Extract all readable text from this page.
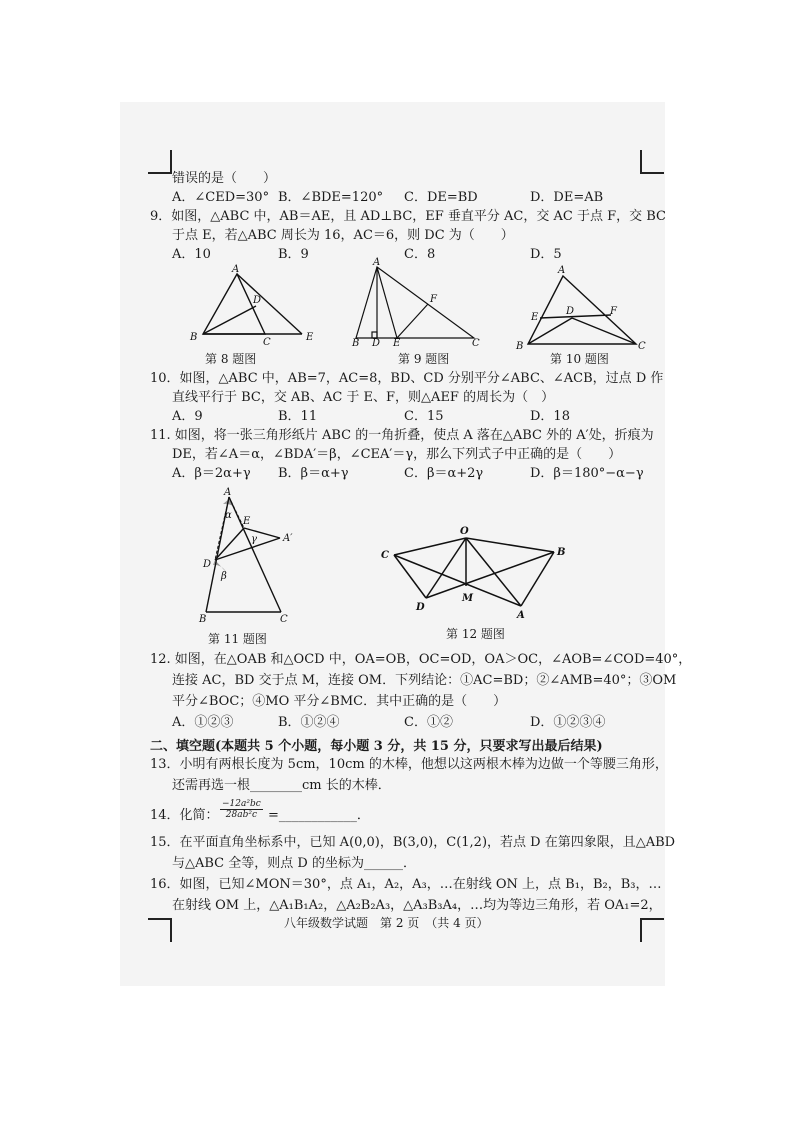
错误的是（　　）
A．∠CED=30° B．∠BDE=120° C．DE=BD	D．DE=AB
9．如图，△ABC 中，AB＝AE，且 AD⊥BC，EF 垂直平分 AC，交 AC 于点 F，交 BC
于点 E，若△ABC 周长为 16，AC＝6，则 DC 为（　　）
A．10	B．9	C．8	D．5
A
D
B	C	E
第 8 题图
A
F
B D E	C
第 9 题图
A
E
D	F
B	C
第 10 题图
10．如图，△ABC 中，AB=7，AC=8，BD、CD 分别平分∠ABC、∠ACB，过点 D 作
直线平行于 BC，交 AB、AC 于 E、F，则△AEF 的周长为（　）
A．9	B．11	C．15	D．18
11. 如图，将一张三角形纸片 ABC 的一角折叠，使点 A 落在△ABC 外的 A′处，折痕为
DE，若∠A＝α，∠BDA′＝β，∠CEA′＝γ，那么下列式子中正确的是（　　）
A．β＝2α+γ B．β＝α+γ	C．β＝α+2γ	D．β＝180°−α−γ
A
α
E
γ	A′
D
β
B	C
第 11 题图
O
C	B
M
D
A
第 12 题图
12. 如图，在△OAB 和△OCD 中，OA=OB，OC=OD，OA＞OC，∠AOB=∠COD=40°，
连接 AC，BD 交于点 M，连接 OM．下列结论：①AC=BD；②∠AMB=40°；③OM
平分∠BOC；④MO 平分∠BMC．其中正确的是（　　）
A．①②③	B．①②④	C．①②	D．①②③④
二、填空题(本题共 5 个小题，每小题 3 分，共 15 分，只要求写出最后结果)
13．小明有两根长度为 5cm，10cm 的木棒，他想以这两根木棒为边做一个等腰三角形，
还需再选一根________cm 长的木棒．
14．化简： $\frac{\text{−12a²bc}}{\text{28ab²c}}$ =____________．
15．在平面直角坐标系中，已知 A(0,0)，B(3,0)，C(1,2)，若点 D 在第四象限，且△ABD
与△ABC 全等，则点 D 的坐标为______．
16．如图，已知∠MON＝30°，点 A₁，A₂，A₃，…在射线 ON 上，点 B₁，B₂，B₃，…
在射线 OM 上，△A₁B₁A₂，△A₂B₂A₃，△A₃B₃A₄，…均为等边三角形，若 OA₁=2，
八年级数学试题　第 2 页　（共 4 页）
